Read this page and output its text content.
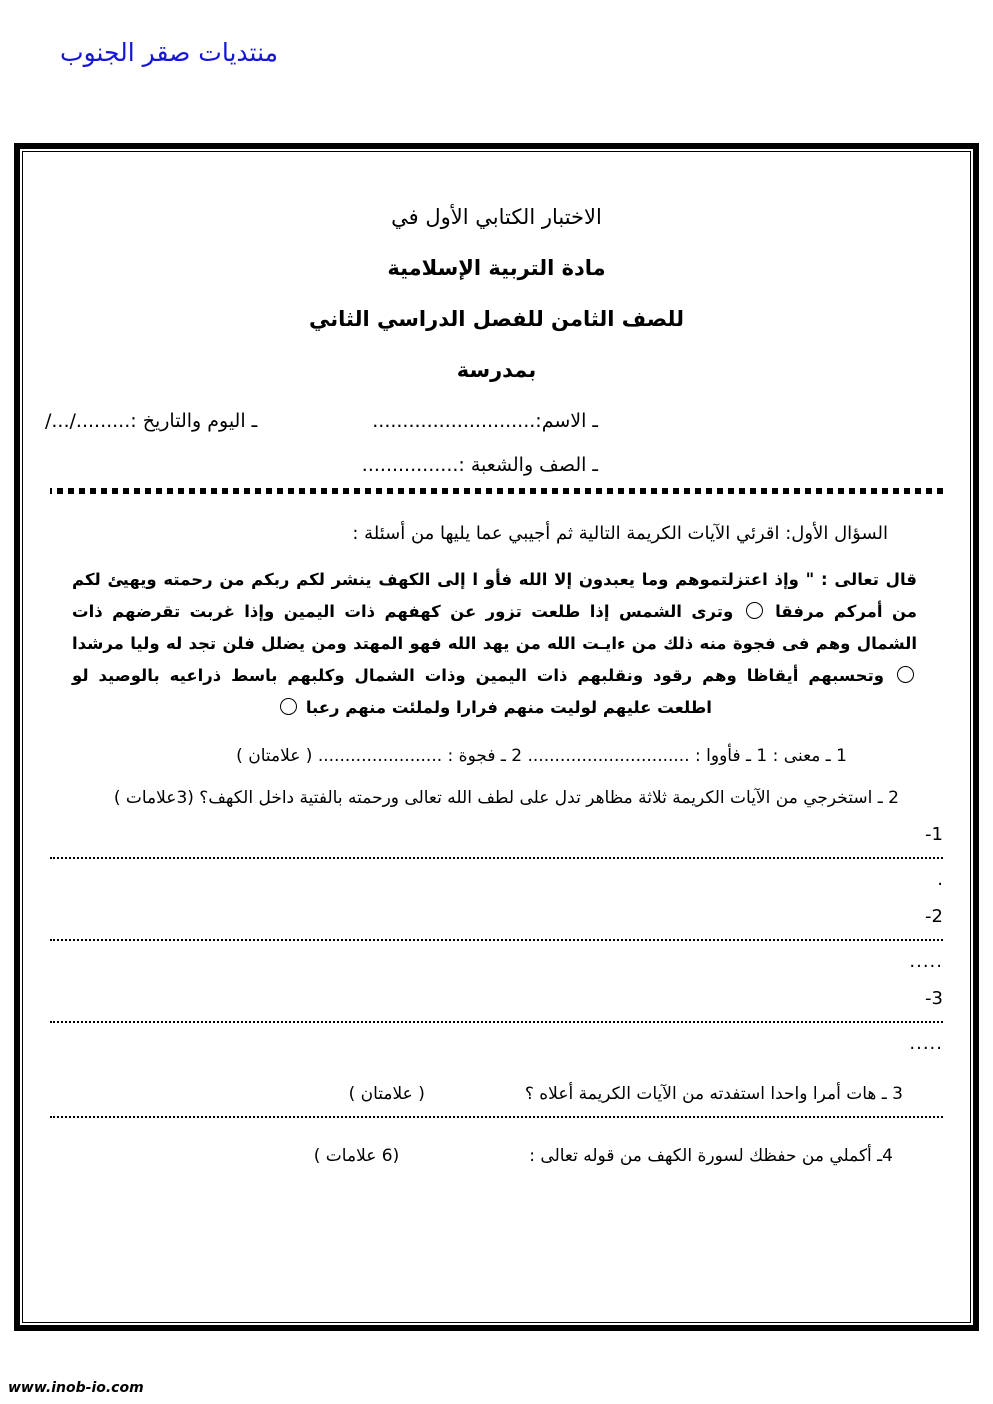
منتديات صقر الجنوب
الاختبار الكتابي الأول في
مادة التربية الإسلامية
للصف الثامن للفصل الدراسي الثاني
بمدرسة
ـ الاسم:...........................
ـ اليوم والتاريخ :........./.../
ـ الصف والشعبة :................
السؤال الأول: اقرئي الآيات الكريمة التالية ثم أجيبي عما يليها من أسئلة :
قال تعالى : " وإذ اعتزلتموهم وما يعبدون إلا الله فأو ا إلى الكهف ينشر لكم ربكم من رحمته ويهيئ لكم من أمركم مرفقا  وترى الشمس إذا طلعت تزور عن كهفهم ذات اليمين وإذا غربت تقرضهم ذات الشمال وهم فى فجوة منه ذلك من ءايـت الله من يهد الله فهو المهتد ومن يضلل فلن تجد له وليا مرشدا  وتحسبهم أيقاظا وهم رقود ونقلبهم ذات اليمين وذات الشمال وكلبهم باسط ذراعيه بالوصيد لو اطلعت عليهم لوليت منهم فرارا ولملئت منهم رعبا
1 ـ معنى : 1 ـ فأووا : .............................. 2 ـ فجوة : ....................... ( علامتان )
2 ـ استخرجي من الآيات الكريمة ثلاثة مظاهر تدل على لطف الله تعالى ورحمته بالفتية داخل الكهف؟ (3علامات )
1-
.
2-
.....
3-
.....
3 ـ هات أمرا واحدا استفدته من الآيات الكريمة أعلاه ؟
( علامتان )
4ـ أكملي من حفظك لسورة الكهف من قوله تعالى :
(6 علامات )
www.inob-io.com
